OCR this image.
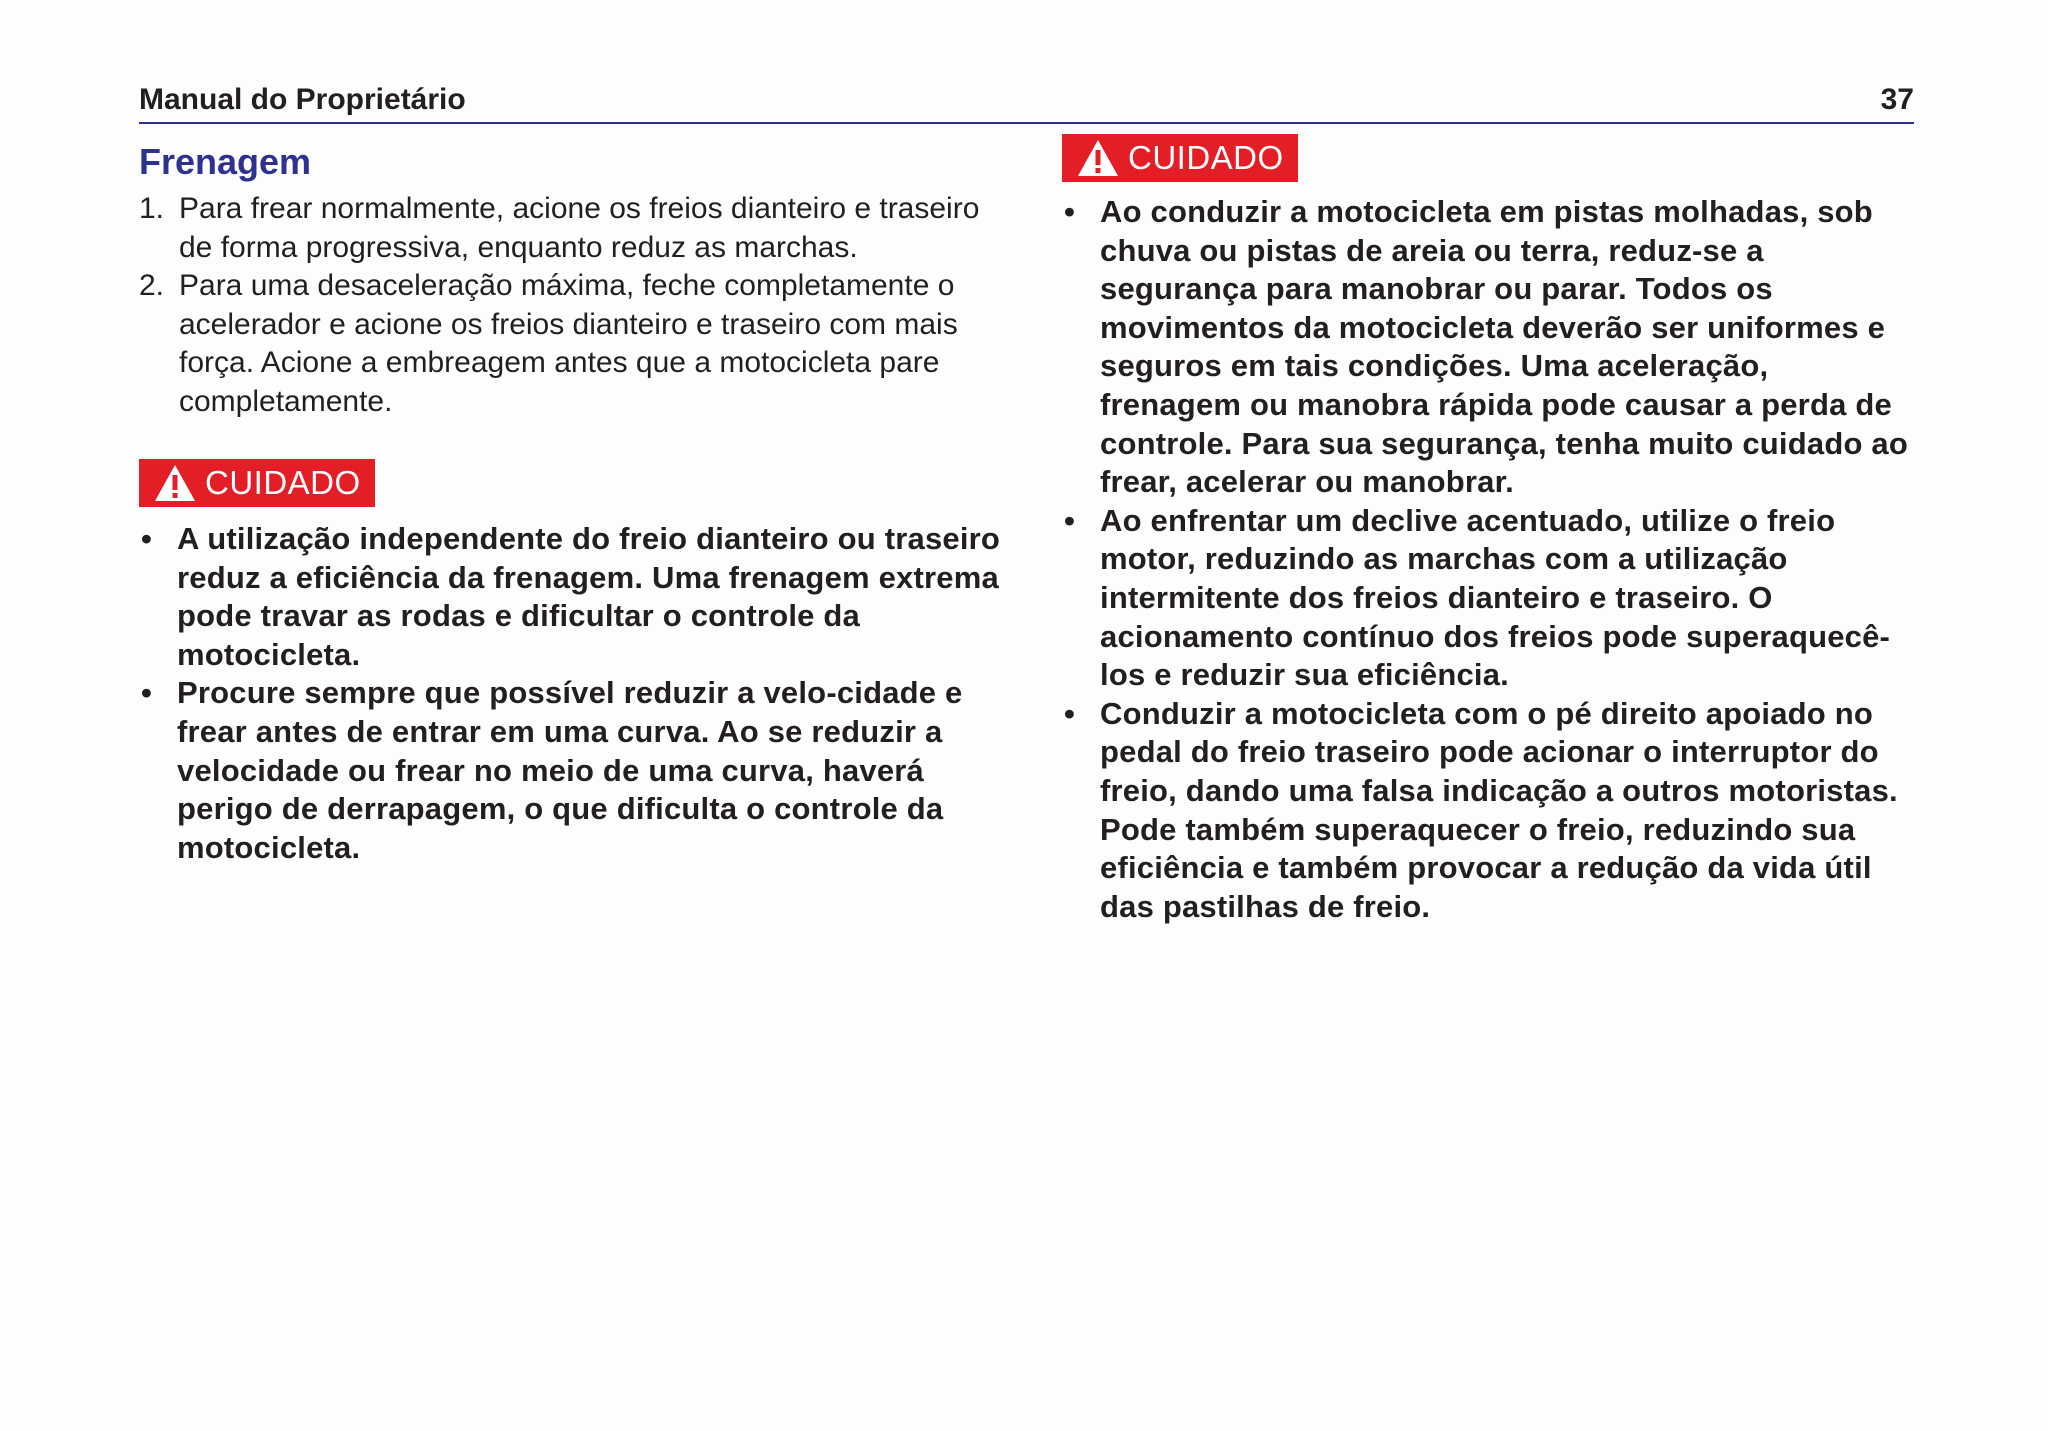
Manual do Proprietário	37
Frenagem
1. Para frear normalmente, acione os freios dianteiro e traseiro de forma progressiva, enquanto reduz as marchas.
2. Para uma desaceleração máxima, feche completamente o acelerador e acione os freios dianteiro e traseiro com mais força. Acione a embreagem antes que a motocicleta pare completamente.
CUIDADO
• A utilização independente do freio dianteiro ou traseiro reduz a eficiência da frenagem. Uma frenagem extrema pode travar as rodas e dificultar o controle da motocicleta.
• Procure sempre que possível reduzir a velo-cidade e frear antes de entrar em uma curva. Ao se reduzir a velocidade ou frear no meio de uma curva, haverá perigo de derrapagem, o que dificulta o controle da motocicleta.
CUIDADO
• Ao conduzir a motocicleta em pistas molhadas, sob chuva ou pistas de areia ou terra, reduz-se a segurança para manobrar ou parar. Todos os movimentos da motocicleta deverão ser uniformes e seguros em tais condições. Uma aceleração, frenagem ou manobra rápida pode causar a perda de controle. Para sua segurança, tenha muito cuidado ao frear, acelerar ou manobrar.
• Ao enfrentar um declive acentuado, utilize o freio motor, reduzindo as marchas com a utilização intermitente dos freios dianteiro e traseiro. O acionamento contínuo dos freios pode superaquecê-los e reduzir sua eficiência.
• Conduzir a motocicleta com o pé direito apoiado no pedal do freio traseiro pode acionar o interruptor do freio, dando uma falsa indicação a outros motoristas. Pode também superaquecer o freio, reduzindo sua eficiência e também provocar a redução da vida útil das pastilhas de freio.
